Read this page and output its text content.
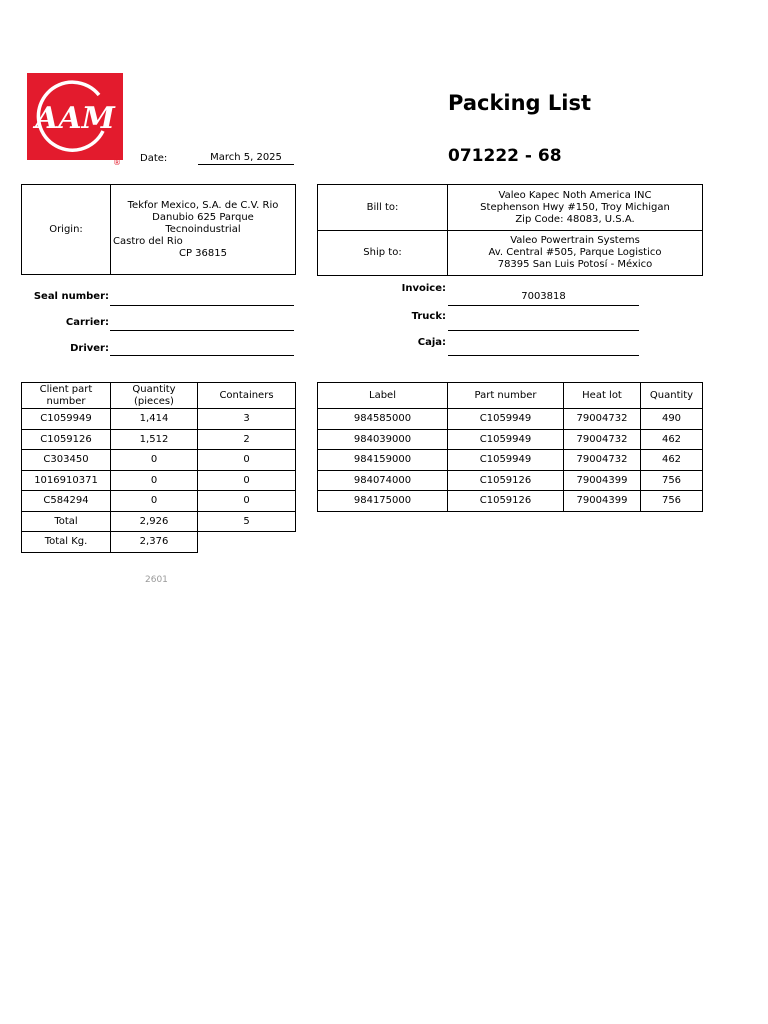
AAM
®
Packing List
071222 - 68
Date:	March 5, 2025
Origin:	
Tekfor Mexico, S.A. de C.V. Rio
Danubio 625 Parque Tecnoindustrial
Castro del Rio
CP 36815
Bill to:	Valeo Kapec Noth America INC
Stephenson Hwy #150, Troy Michigan
Zip Code: 48083, U.S.A.

Ship to:	Valeo Powertrain Systems
Av. Central #505, Parque Logistico
78395 San Luis Potosí - México
Seal number:
Carrier:
Driver:
Invoice:
7003818
Truck:
Caja:
Client part number	Quantity (pieces)	Containers
C1059949	1,414	3
C1059126	1,512	2
C303450	0	0
1016910371	0	0
C584294	0	0
Total	2,926	5
Total Kg.	2,376	
Label	Part number	Heat lot	Quantity
984585000	C1059949	79004732	490
984039000	C1059949	79004732	462
984159000	C1059949	79004732	462
984074000	C1059126	79004399	756
984175000	C1059126	79004399	756
2601
